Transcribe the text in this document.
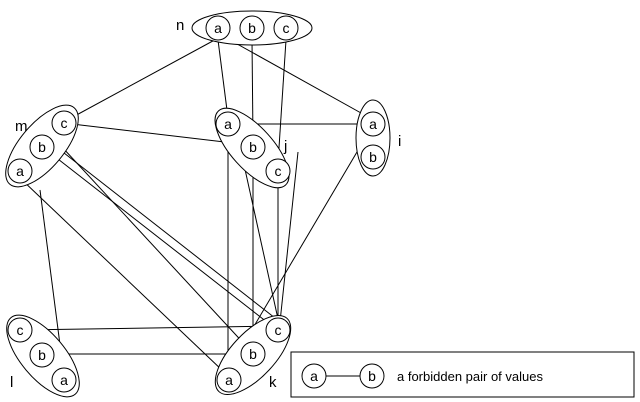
a b c
n
c
b
a
m	a
b
c
j
a
b
i
c
b
a
l
c
b
a k a	b a forbidden pair of values
